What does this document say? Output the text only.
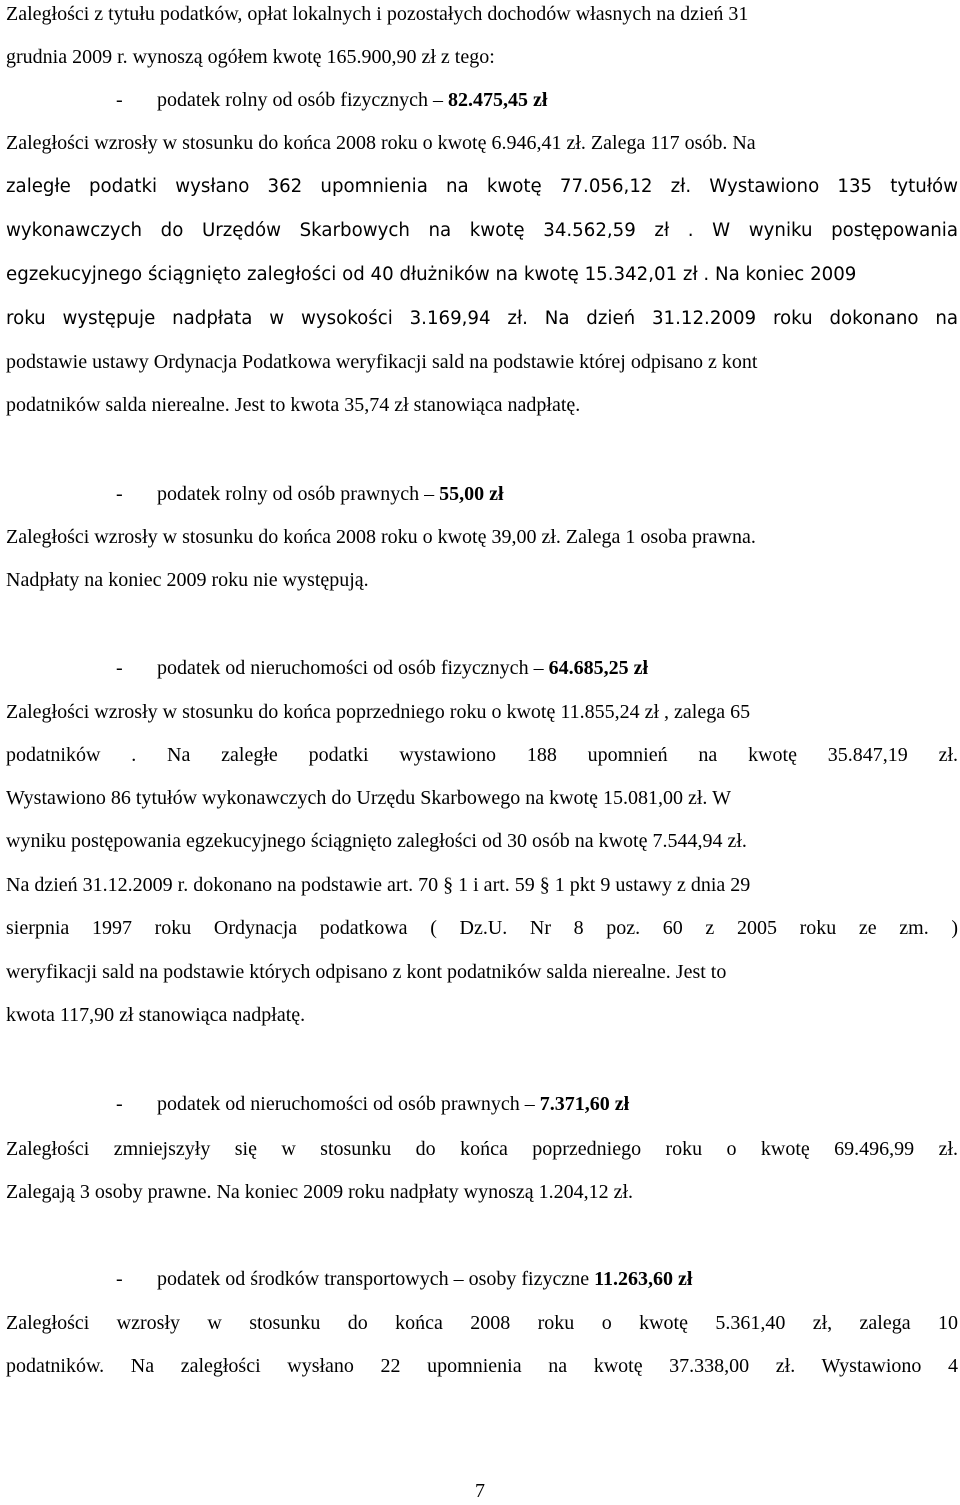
Zaległości z tytułu podatków, opłat lokalnych i pozostałych dochodów własnych na dzień 31
grudnia 2009 r. wynoszą ogółem kwotę 165.900,90 zł z tego:
- podatek rolny od osób fizycznych – 82.475,45 zł
Zaległości wzrosły w stosunku do końca 2008 roku o kwotę 6.946,41 zł. Zalega 117 osób. Na
zaległe podatki wysłano 362 upomnienia na kwotę 77.056,12 zł. Wystawiono 135 tytułów
wykonawczych do Urzędów Skarbowych na kwotę 34.562,59 zł . W wyniku postępowania
egzekucyjnego ściągnięto zaległości od 40 dłużników na kwotę 15.342,01 zł . Na koniec 2009
roku występuje nadpłata w wysokości 3.169,94 zł. Na dzień 31.12.2009 roku dokonano na
podstawie ustawy Ordynacja Podatkowa weryfikacji sald na podstawie której odpisano z kont
podatników salda nierealne. Jest to kwota 35,74 zł stanowiąca nadpłatę.
- podatek rolny od osób prawnych – 55,00 zł
Zaległości wzrosły w stosunku do końca 2008 roku o kwotę 39,00 zł. Zalega 1 osoba prawna.
Nadpłaty na koniec 2009 roku nie występują.
- podatek od nieruchomości od osób fizycznych – 64.685,25 zł
Zaległości wzrosły w stosunku do końca poprzedniego roku o kwotę 11.855,24 zł , zalega 65
podatników . Na zaległe podatki wystawiono 188 upomnień na kwotę 35.847,19 zł.
Wystawiono 86 tytułów wykonawczych do Urzędu Skarbowego na kwotę 15.081,00 zł. W
wyniku postępowania egzekucyjnego ściągnięto zaległości od 30 osób na kwotę 7.544,94 zł.
Na dzień 31.12.2009 r. dokonano na podstawie art. 70 § 1 i art. 59 § 1 pkt 9 ustawy z dnia 29
sierpnia 1997 roku Ordynacja podatkowa ( Dz.U. Nr 8 poz. 60 z 2005 roku ze zm. )
weryfikacji sald na podstawie których odpisano z kont podatników salda nierealne. Jest to
kwota 117,90 zł stanowiąca nadpłatę.
- podatek od nieruchomości od osób prawnych – 7.371,60 zł
Zaległości zmniejszyły się w stosunku do końca poprzedniego roku o kwotę 69.496,99 zł.
Zalegają 3 osoby prawne. Na koniec 2009 roku nadpłaty wynoszą 1.204,12 zł.
- podatek od środków transportowych – osoby fizyczne 11.263,60 zł
Zaległości wzrosły w stosunku do końca 2008 roku o kwotę 5.361,40 zł, zalega 10
podatników. Na zaległości wysłano 22 upomnienia na kwotę 37.338,00 zł. Wystawiono 4
7
